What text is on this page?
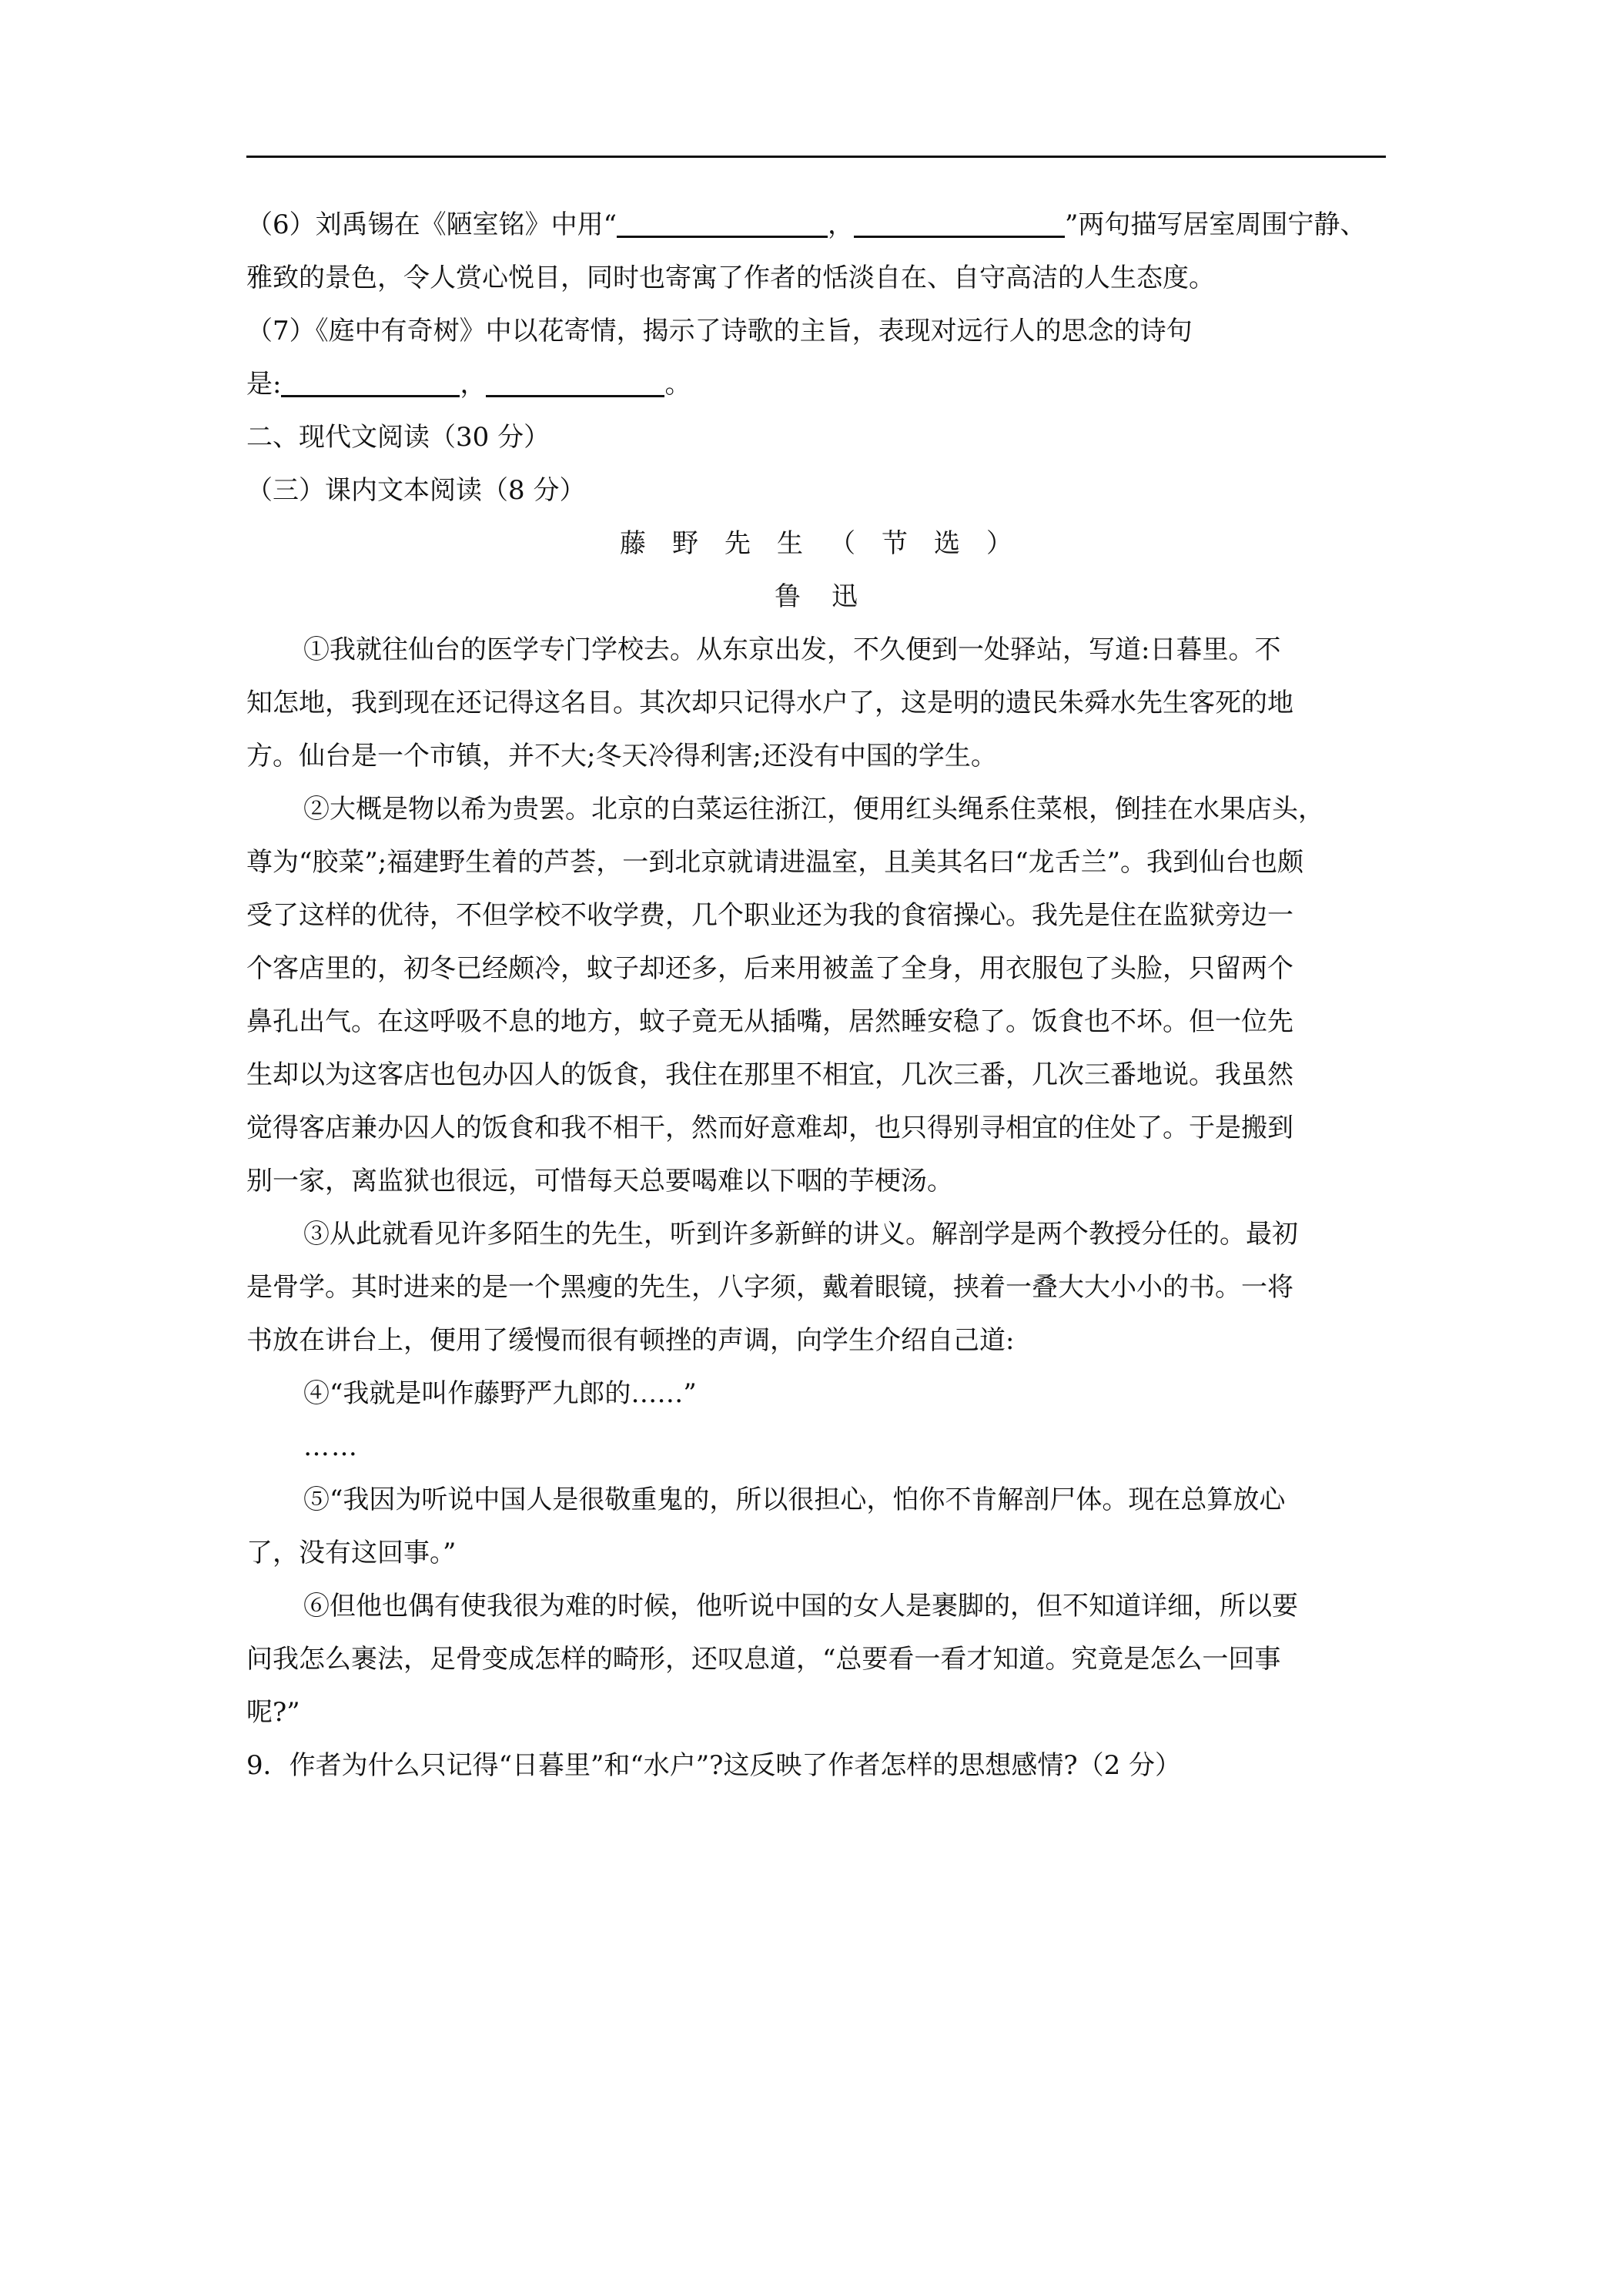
（6）刘禹锡在《陋室铭》中用“	，	”两句描写居室周围宁静、
雅致的景色，令人赏心悦目，同时也寄寓了作者的恬淡自在、自守高洁的人生态度。
（7）《庭中有奇树》中以花寄情，揭示了诗歌的主旨，表现对远行人的思念的诗句
是:	，	。
二、现代文阅读（30 分）
（三）课内文本阅读（8 分）
藤野先生（节选）
鲁迅
①我就往仙台的医学专门学校去。从东京出发，不久便到一处驿站，写道:日暮里。不
知怎地，我到现在还记得这名目。其次却只记得水户了，这是明的遗民朱舜水先生客死的地
方。仙台是一个市镇，并不大;冬天冷得利害;还没有中国的学生。
②大概是物以希为贵罢。北京的白菜运往浙江，便用红头绳系住菜根，倒挂在水果店头，
尊为“胶菜”;福建野生着的芦荟，一到北京就请进温室，且美其名曰“龙舌兰”。我到仙台也颇
受了这样的优待，不但学校不收学费，几个职业还为我的食宿操心。我先是住在监狱旁边一
个客店里的，初冬已经颇冷，蚊子却还多，后来用被盖了全身，用衣服包了头脸，只留两个
鼻孔出气。在这呼吸不息的地方，蚊子竟无从插嘴，居然睡安稳了。饭食也不坏。但一位先
生却以为这客店也包办囚人的饭食，我住在那里不相宜，几次三番，几次三番地说。我虽然
觉得客店兼办囚人的饭食和我不相干，然而好意难却，也只得别寻相宜的住处了。于是搬到
别一家，离监狱也很远，可惜每天总要喝难以下咽的芋梗汤。
③从此就看见许多陌生的先生，听到许多新鲜的讲义。解剖学是两个教授分任的。最初
是骨学。其时进来的是一个黑瘦的先生，八字须，戴着眼镜，挟着一叠大大小小的书。一将
书放在讲台上，便用了缓慢而很有顿挫的声调，向学生介绍自己道:
④“我就是叫作藤野严九郎的……”
……
⑤“我因为听说中国人是很敬重鬼的，所以很担心，怕你不肯解剖尸体。现在总算放心
了，没有这回事。”
⑥但他也偶有使我很为难的时候，他听说中国的女人是裹脚的，但不知道详细，所以要
问我怎么裹法，足骨变成怎样的畸形，还叹息道，“总要看一看才知道。究竟是怎么一回事
呢?”
9．作者为什么只记得“日暮里”和“水户”?这反映了作者怎样的思想感情?（2 分）
